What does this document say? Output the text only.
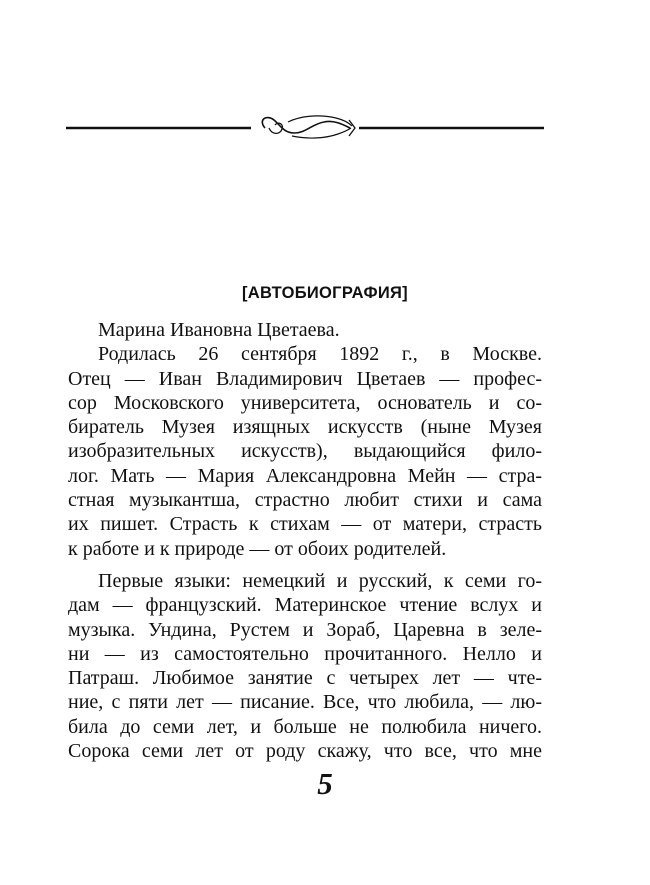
[АВТОБИОГРАФИЯ]
Марина Ивановна Цветаева.
Родилась 26 сентября 1892 г., в Москве.
Отец — Иван Владимирович Цветаев — профес-
сор Московского университета, основатель и со-
биратель Музея изящных искусств (ныне Музея
изобразительных искусств), выдающийся фило-
лог. Мать — Мария Александровна Мейн — стра-
стная музыкантша, страстно любит стихи и сама
их пишет. Страсть к стихам — от матери, страсть
к работе и к природе — от обоих родителей.
Первые языки: немецкий и русский, к семи го-
дам — французский. Материнское чтение вслух и
музыка. Ундина, Рустем и Зораб, Царевна в зеле-
ни — из самостоятельно прочитанного. Нелло и
Патраш. Любимое занятие с четырех лет — чте-
ние, с пяти лет — писание. Все, что любила, — лю-
била до семи лет, и больше не полюбила ничего.
Сорока семи лет от роду скажу, что все, что мне
5
